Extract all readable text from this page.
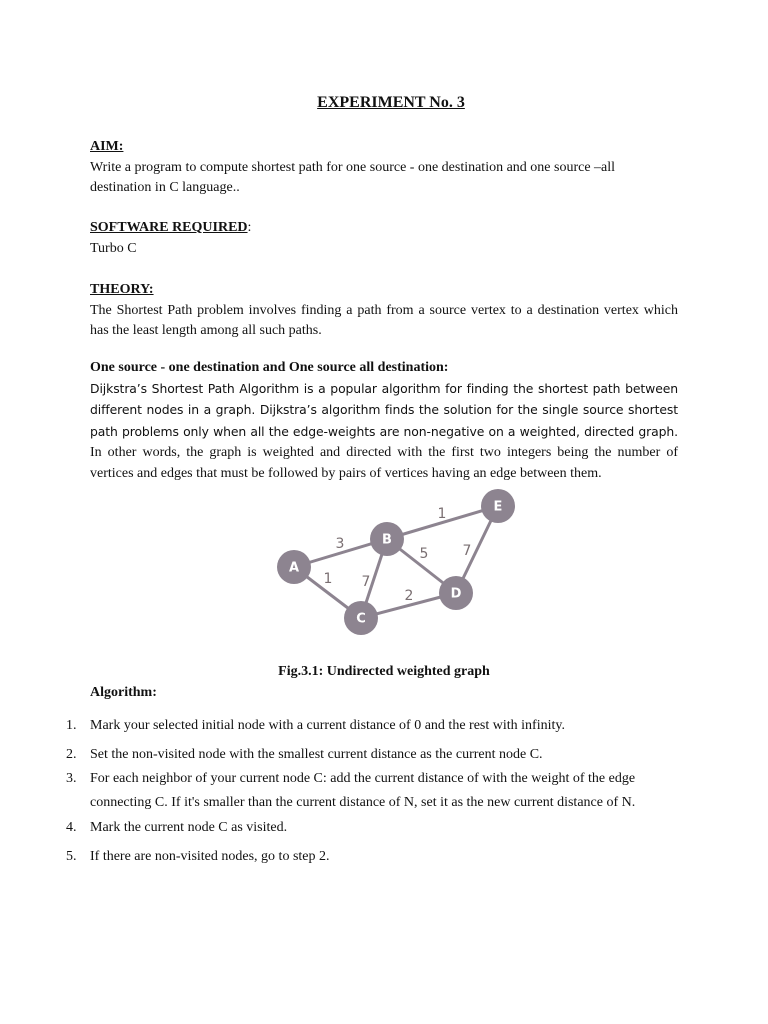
EXPERIMENT No. 3
AIM:
Write a program to compute shortest path for one source - one destination and one source –all destination in C language..
SOFTWARE REQUIRED:
Turbo C
THEORY:
The Shortest Path problem involves finding a path from a source vertex to a destination vertex which has the least length among all such paths.
One source - one destination and One source all destination:
Dijkstra’s Shortest Path Algorithm is a popular algorithm for finding the shortest path between different nodes in a graph. Dijkstra’s algorithm finds the solution for the single source shortest path problems only when all the edge-weights are non-negative on a weighted, directed graph. In other words, the graph is weighted and directed with the first two integers being the number of vertices and edges that must be followed by pairs of vertices having an edge between them.
3
1 7
5
1
2
7
A
B
C
D
E
Fig.3.1: Undirected weighted graph
Algorithm:
1. Mark your selected initial node with a current distance of 0 and the rest with infinity.
2. Set the non-visited node with the smallest current distance as the current node C.
3. For each neighbor of your current node C: add the current distance of with the weight of the edge connecting C. If it's smaller than the current distance of N, set it as the new current distance of N.
4. Mark the current node C as visited.
5. If there are non-visited nodes, go to step 2.
